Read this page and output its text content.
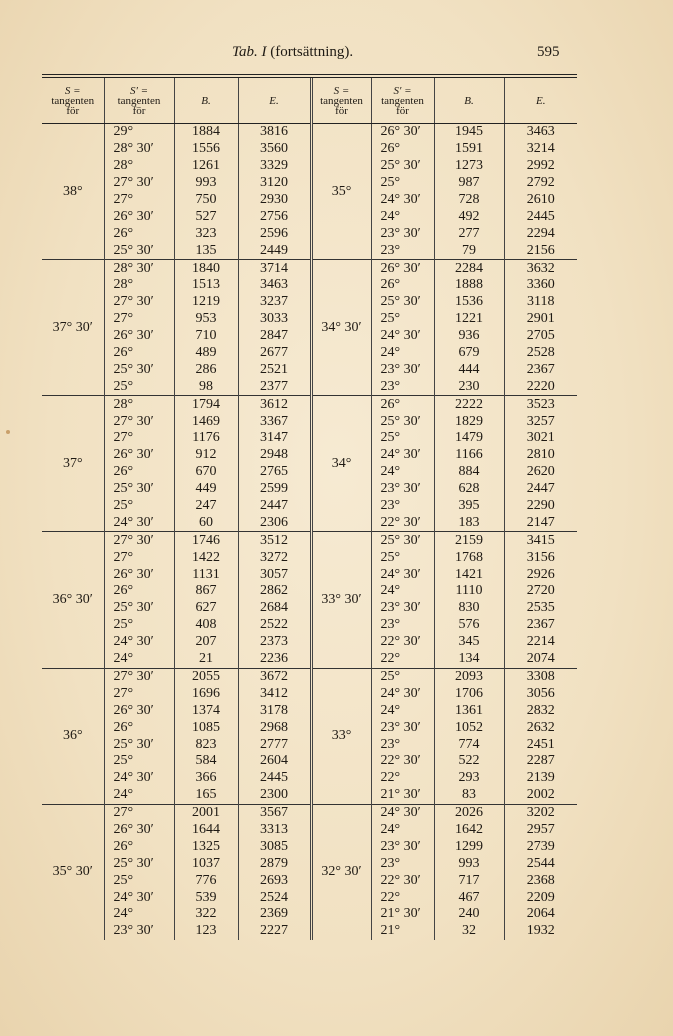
Tab. I (fortsättning).	595
S =
tangenten
för	S′ =
tangenten
för	B.	E.	S =
tangenten
för	S′ =
tangenten
för	B.	E.
38°	29°	1884	3816	35°	26° 30′	1945	3463
	28° 30′	1556	3560		26°	1591	3214
	28°	1261	3329		25° 30′	1273	2992
	27° 30′	993	3120		25°	987	2792
	27°	750	2930		24° 30′	728	2610
	26° 30′	527	2756		24°	492	2445
	26°	323	2596		23° 30′	277	2294
	25° 30′	135	2449		23°	79	2156
37° 30′	28° 30′	1840	3714	34° 30′	26° 30′	2284	3632
	28°	1513	3463		26°	1888	3360
	27° 30′	1219	3237		25° 30′	1536	3118
	27°	953	3033		25°	1221	2901
	26° 30′	710	2847		24° 30′	936	2705
	26°	489	2677		24°	679	2528
	25° 30′	286	2521		23° 30′	444	2367
	25°	98	2377		23°	230	2220
37°	28°	1794	3612	34°	26°	2222	3523
	27° 30′	1469	3367		25° 30′	1829	3257
	27°	1176	3147		25°	1479	3021
	26° 30′	912	2948		24° 30′	1166	2810
	26°	670	2765		24°	884	2620
	25° 30′	449	2599		23° 30′	628	2447
	25°	247	2447		23°	395	2290
	24° 30′	60	2306		22° 30′	183	2147
36° 30′	27° 30′	1746	3512	33° 30′	25° 30′	2159	3415
	27°	1422	3272		25°	1768	3156
	26° 30′	1131	3057		24° 30′	1421	2926
	26°	867	2862		24°	1110	2720
	25° 30′	627	2684		23° 30′	830	2535
	25°	408	2522		23°	576	2367
	24° 30′	207	2373		22° 30′	345	2214
	24°	21	2236		22°	134	2074
36°	27° 30′	2055	3672	33°	25°	2093	3308
	27°	1696	3412		24° 30′	1706	3056
	26° 30′	1374	3178		24°	1361	2832
	26°	1085	2968		23° 30′	1052	2632
	25° 30′	823	2777		23°	774	2451
	25°	584	2604		22° 30′	522	2287
	24° 30′	366	2445		22°	293	2139
	24°	165	2300		21° 30′	83	2002
35° 30′	27°	2001	3567	32° 30′	24° 30′	2026	3202
	26° 30′	1644	3313		24°	1642	2957
	26°	1325	3085		23° 30′	1299	2739
	25° 30′	1037	2879		23°	993	2544
	25°	776	2693		22° 30′	717	2368
	24° 30′	539	2524		22°	467	2209
	24°	322	2369		21° 30′	240	2064
	23° 30′	123	2227		21°	32	1932
